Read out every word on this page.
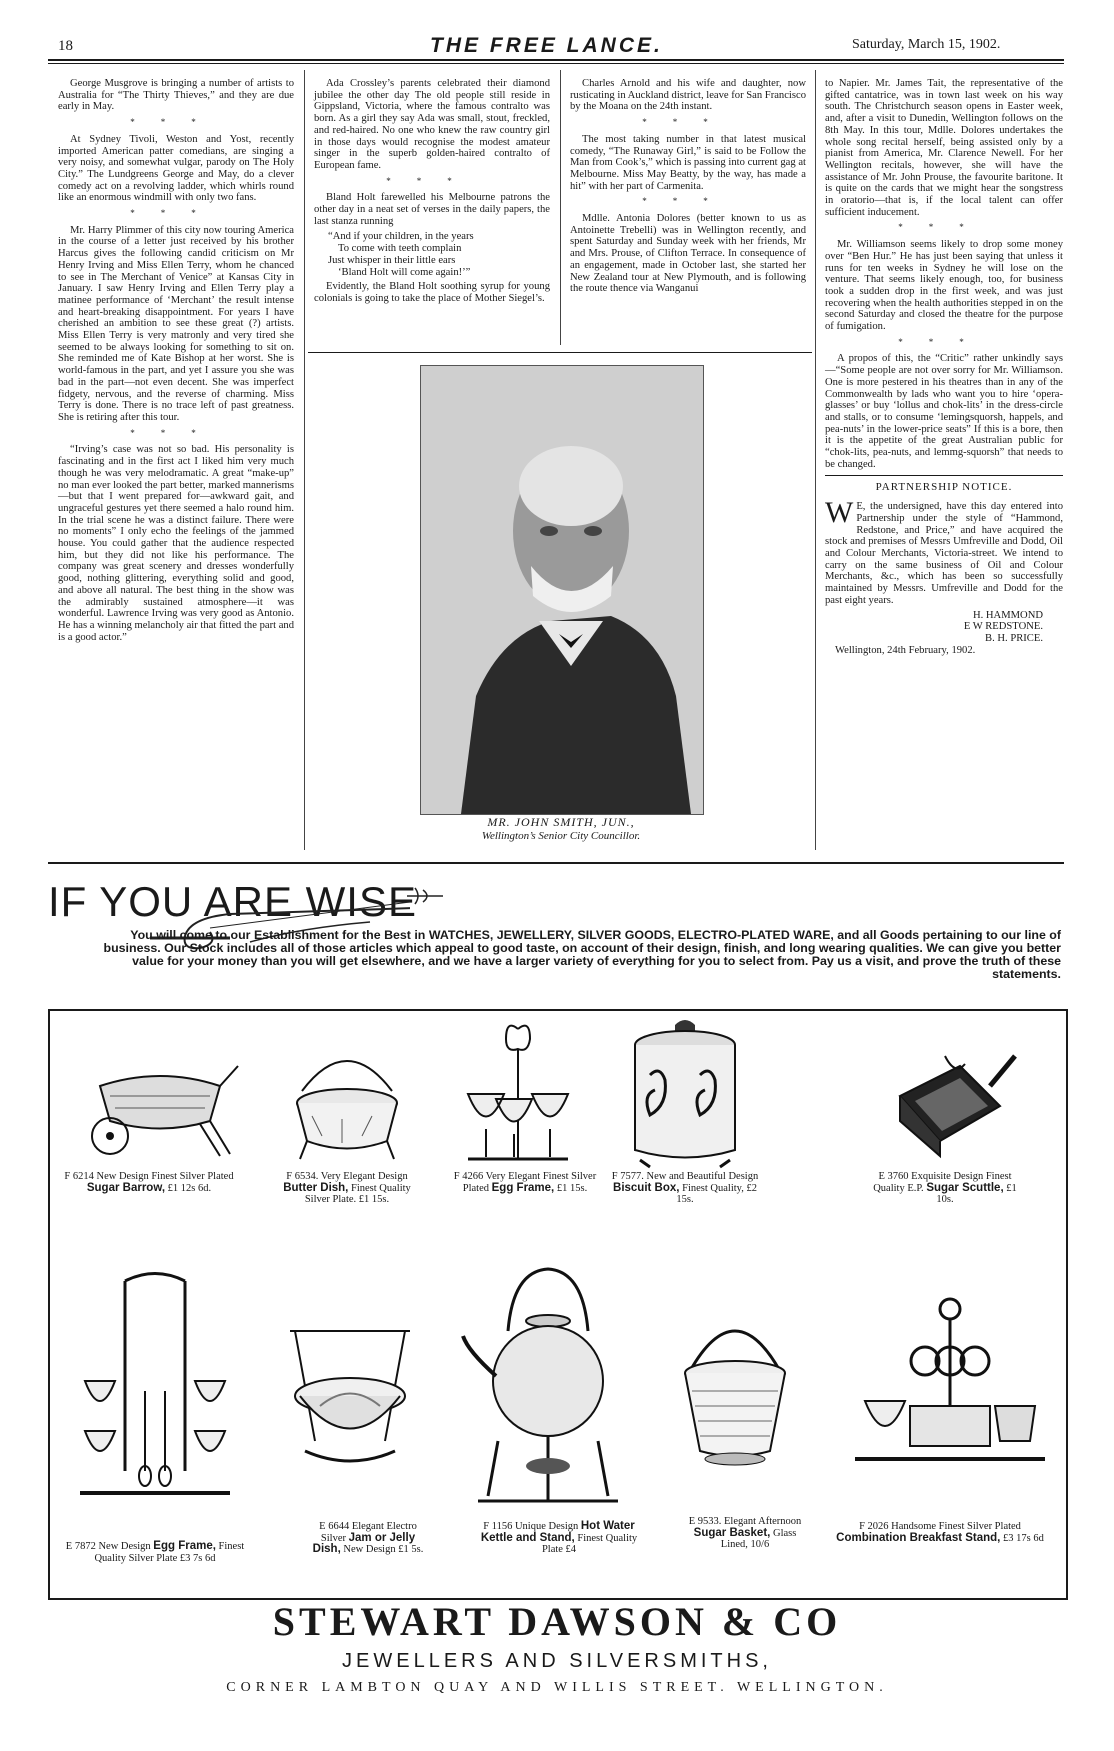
18	THE FREE LANCE.	Saturday, March 15, 1902.

George Musgrove is bringing a number of artists to Australia for “The Thirty Thieves,” and they are due early in May.

***

At Sydney Tivoli, Weston and Yost, recently imported American patter comedians, are singing a very noisy, and somewhat vulgar, parody on The Holy City.” The Lundgreens George and May, do a clever comedy act on a revolving ladder, which whirls round like an enormous windmill with only two fans.

***

Mr. Harry Plimmer of this city now touring America in the course of a letter just received by his brother Harcus gives the following candid criticism on Mr Henry Irving and Miss Ellen Terry, whom he chanced to see in The Merchant of Venice” at Kansas City in January. I saw Henry Irving and Ellen Terry play a matinee performance of ‘Merchant’ the result intense and heart-breaking disappointment. For years I have cherished an ambition to see these great (?) artists. Miss Ellen Terry is very matronly and very tired she seemed to be always looking for something to sit on. She reminded me of Kate Bishop at her worst. She is world-famous in the part, and yet I assure you she was bad in the part—not even decent. She was imperfect fidgety, nervous, and the reverse of charming. Miss Terry is done. There is no trace left of past greatness. She is retiring after this tour.

***

“Irving’s case was not so bad. His personality is fascinating and in the first act I liked him very much though he was very melodramatic. A great “make-up” no man ever looked the part better, marked mannerisms—but that I went prepared for—awkward gait, and ungraceful gestures yet there seemed a halo round him. In the trial scene he was a distinct failure. There were no moments” I only echo the feelings of the jammed house. You could gather that the audience respected him, but they did not like his performance. The company was great scenery and dresses wonderfully good, nothing glittering, everything solid and good, and above all natural. The best thing in the show was the admirably sustained atmosphere—it was wonderful. Lawrence Irving was very good as Antonio. He has a winning melancholy air that fitted the part and is a good actor.”

Ada Crossley’s parents celebrated their diamond jubilee the other day The old people still reside in Gippsland, Victoria, where the famous contralto was born. As a girl they say Ada was small, stout, freckled, and red-haired. No one who knew the raw country girl in those days would recognise the modest amateur singer in the superb golden-haired contralto of European fame.

***

Bland Holt farewelled his Melbourne patrons the other day in a neat set of verses in the daily papers, the last stanza running

“And if your children, in the years
To come with teeth complain
Just whisper in their little ears
‘Bland Holt will come again!’”

Evidently, the Bland Holt soothing syrup for young colonials is going to take the place of Mother Siegel’s.

Charles Arnold and his wife and daughter, now rusticating in Auckland district, leave for San Francisco by the Moana on the 24th instant.

***

The most taking number in that latest musical comedy, “The Runaway Girl,” is said to be Follow the Man from Cook’s,” which is passing into current gag at Melbourne. Miss May Beatty, by the way, has made a hit” with her part of Carmenita.

***

Mdlle. Antonia Dolores (better known to us as Antoinette Trebelli) was in Wellington recently, and spent Saturday and Sunday week with her friends, Mr and Mrs. Prouse, of Clifton Terrace. In consequence of an engagement, made in October last, she started her New Zealand tour at New Plymouth, and is following the route thence via Wanganui

MR. JOHN SMITH, JUN.,
Wellington’s Senior City Councillor.

to Napier. Mr. James Tait, the representative of the gifted cantatrice, was in town last week on his way south. The Christchurch season opens in Easter week, and, after a visit to Dunedin, Wellington follows on the 8th May. In this tour, Mdlle. Dolores undertakes the whole song recital herself, being assisted only by a pianist from America, Mr. Clarence Newell. For her Wellington recitals, however, she will have the assistance of Mr. John Prouse, the favourite baritone. It is quite on the cards that we might hear the songstress in oratorio—that is, if the local talent can offer sufficient inducement.

***

Mr. Williamson seems likely to drop some money over “Ben Hur.” He has just been saying that unless it runs for ten weeks in Sydney he will lose on the venture. That seems likely enough, too, for business took a sudden drop in the first week, and was just recovering when the health authorities stepped in on the second Saturday and closed the theatre for the purpose of fumigation.

***

A propos of this, the “Critic” rather unkindly says —“Some people are not over sorry for Mr. Williamson. One is more pestered in his theatres than in any of the Commonwealth by lads who want you to hire ‘opera-glasses’ or buy ‘lollus and chok-lits’ in the dress-circle and stalls, or to consume ‘lemingsquorsh, happels, and pea-nuts’ in the lower-price seats” If this is a bore, then it is the appetite of the great Australian public for “chok-lits, pea-nuts, and lemmg-squorsh” that needs to be changed.

PARTNERSHIP NOTICE.
W E, the undersigned, have this day entered into Partnership under the style of “Hammond, Redstone, and Price,” and have acquired the stock and premises of Messrs Umfreville and Dodd, Oil and Colour Merchants, Victoria-street. We intend to carry on the same business of Oil and Colour Merchants, &c., which has been so successfully maintained by Messrs. Umfreville and Dodd for the past eight years.
H. HAMMOND
E W REDSTONE.
B. H. PRICE.
Wellington, 24th February, 1902.
IF YOU ARE WISE
You will come to our Establishment for the Best in WATCHES, JEWELLERY, SILVER GOODS, ELECTRO-PLATED WARE, and all Goods pertaining to our line of business. Our Stock includes all of those articles which appeal to good taste, on account of their design, finish, and long wearing qualities. We can give you better value for your money than you will get elsewhere, and we have a larger variety of everything for you to select from. Pay us a visit, and prove the truth of these statements.
F 6214 New Design Finest Silver Plated Sugar Barrow, £1 12s 6d.
F 6534. Very Elegant Design Butter Dish, Finest Quality Silver Plate. £1 15s.
F 4266 Very Elegant Finest Silver Plated Egg Frame, £1 15s.
F 7577. New and Beautiful Design Biscuit Box, Finest Quality, £2 15s.
E 3760 Exquisite Design Finest Quality E.P. Sugar Scuttle, £1 10s.
E 7872 New Design Egg Frame, Finest Quality Silver Plate £3 7s 6d
E 6644 Elegant Electro Silver Jam or Jelly Dish, New Design £1 5s.
F 1156 Unique Design Hot Water Kettle and Stand, Finest Quality Plate £4
E 9533. Elegant Afternoon Sugar Basket, Glass Lined, 10/6
F 2026 Handsome Finest Silver Plated Combination Breakfast Stand, £3 17s 6d
STEWART DAWSON & CO
JEWELLERS AND SILVERSMITHS,
CORNER LAMBTON QUAY AND WILLIS STREET. WELLINGTON.
